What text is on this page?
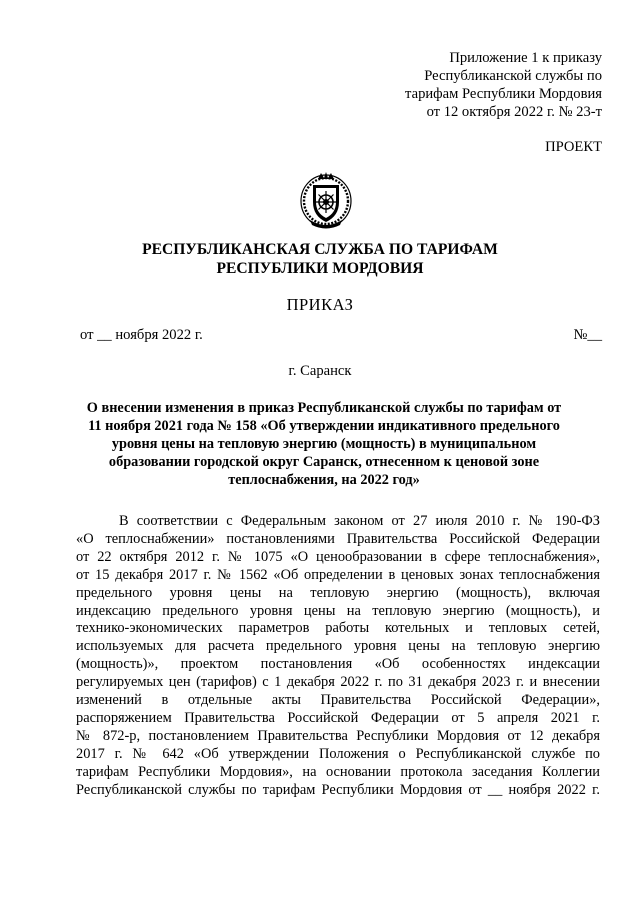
Приложение 1 к приказу
Республиканской службы по
тарифам Республики Мордовия
от 12 октября 2022 г. № 23-т
ПРОЕКТ
РЕСПУБЛИКАНСКАЯ СЛУЖБА ПО ТАРИФАМ
РЕСПУБЛИКИ МОРДОВИЯ
ПРИКАЗ
от __ ноября 2022 г.	№__
г. Саранск
О внесении изменения в приказ Республиканской службы по тарифам от
11 ноября 2021 года № 158 «Об утверждении индикативного предельного
уровня цены на тепловую энергию (мощность) в муниципальном
образовании городской округ Саранск, отнесенном к ценовой зоне
теплоснабжения, на 2022 год»
В соответствии с Федеральным законом от 27 июля 2010 г. № 190-ФЗ
«О теплоснабжении» постановлениями Правительства Российской Федерации
от 22 октября 2012 г. № 1075 «О ценообразовании в сфере теплоснабжения»,
от 15 декабря 2017 г. № 1562 «Об определении в ценовых зонах теплоснабжения
предельного уровня цены на тепловую энергию (мощность), включая
индексацию предельного уровня цены на тепловую энергию (мощность), и
технико-экономических параметров работы котельных и тепловых сетей,
используемых для расчета предельного уровня цены на тепловую энергию
(мощность)», проектом постановления «Об особенностях индексации
регулируемых цен (тарифов) с 1 декабря 2022 г. по 31 декабря 2023 г. и внесении
изменений в отдельные акты Правительства Российской Федерации»,
распоряжением Правительства Российской Федерации от 5 апреля 2021 г.
№ 872-р, постановлением Правительства Республики Мордовия от 12 декабря
2017 г. № 642 «Об утверждении Положения о Республиканской службе по
тарифам Республики Мордовия», на основании протокола заседания Коллегии
Республиканской службы по тарифам Республики Мордовия от __ ноября 2022 г.
